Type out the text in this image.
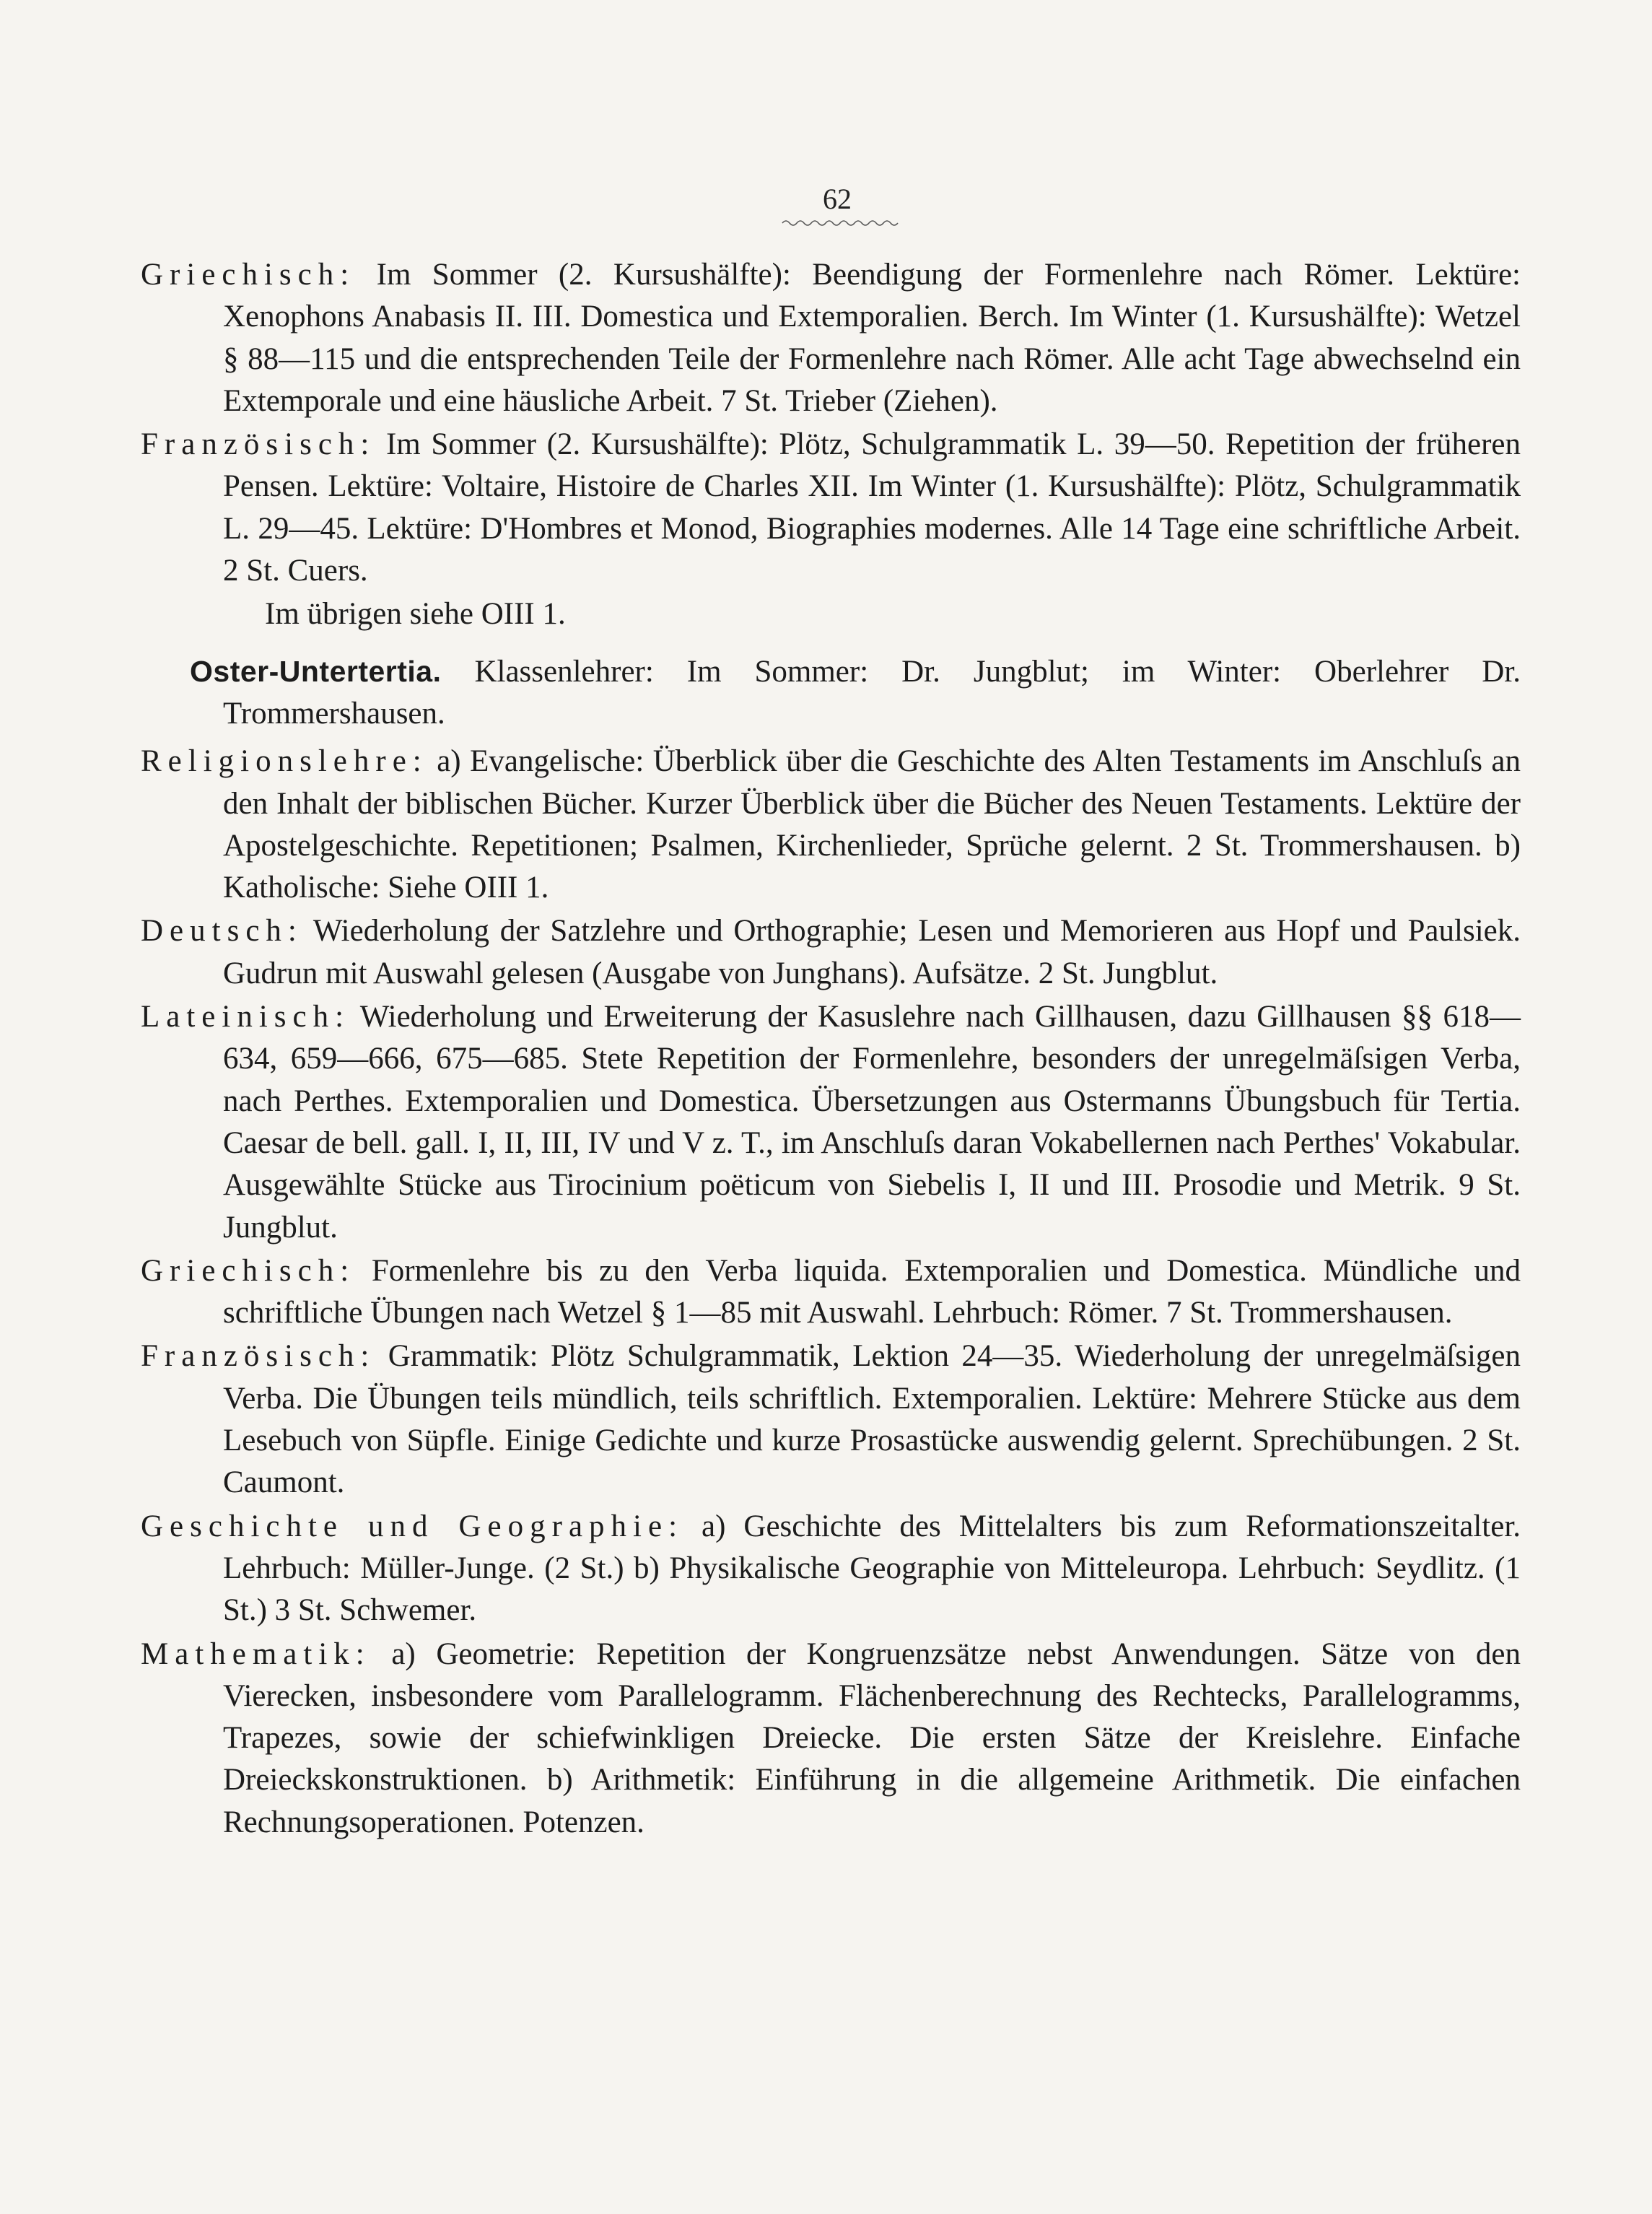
62

Griechisch: Im Sommer (2. Kursushälfte): Beendigung der Formenlehre nach Römer. Lektüre: Xenophons Anabasis II. III. Domestica und Extemporalien. Berch. Im Winter (1. Kursushälfte): Wetzel § 88—115 und die entsprechenden Teile der Formenlehre nach Römer. Alle acht Tage abwechselnd ein Extemporale und eine häusliche Arbeit. 7 St. Trieber (Ziehen).

Französisch: Im Sommer (2. Kursushälfte): Plötz, Schulgrammatik L. 39—50. Repetition der früheren Pensen. Lektüre: Voltaire, Histoire de Charles XII. Im Winter (1. Kursushälfte): Plötz, Schulgrammatik L. 29—45. Lektüre: D'Hombres et Monod, Biographies modernes. Alle 14 Tage eine schriftliche Arbeit. 2 St. Cuers.

Im übrigen siehe OIII 1.

Oster-Untertertia. Klassenlehrer: Im Sommer: Dr. Jungblut; im Winter: Oberlehrer Dr. Trommershausen.

Religionslehre: a) Evangelische: Überblick über die Geschichte des Alten Testaments im Anschluſs an den Inhalt der biblischen Bücher. Kurzer Überblick über die Bücher des Neuen Testaments. Lektüre der Apostelgeschichte. Repetitionen; Psalmen, Kirchenlieder, Sprüche gelernt. 2 St. Trommershausen. b) Katholische: Siehe OIII 1.

Deutsch: Wiederholung der Satzlehre und Orthographie; Lesen und Memorieren aus Hopf und Paulsiek. Gudrun mit Auswahl gelesen (Ausgabe von Junghans). Aufsätze. 2 St. Jungblut.

Lateinisch: Wiederholung und Erweiterung der Kasuslehre nach Gillhausen, dazu Gillhausen §§ 618—634, 659—666, 675—685. Stete Repetition der Formenlehre, besonders der unregelmäſsigen Verba, nach Perthes. Extemporalien und Domestica. Übersetzungen aus Ostermanns Übungsbuch für Tertia. Caesar de bell. gall. I, II, III, IV und V z. T., im Anschluſs daran Vokabellernen nach Perthes' Vokabular. Ausgewählte Stücke aus Tirocinium poëticum von Siebelis I, II und III. Prosodie und Metrik. 9 St. Jungblut.

Griechisch: Formenlehre bis zu den Verba liquida. Extemporalien und Domestica. Mündliche und schriftliche Übungen nach Wetzel § 1—85 mit Auswahl. Lehrbuch: Römer. 7 St. Trommershausen.

Französisch: Grammatik: Plötz Schulgrammatik, Lektion 24—35. Wiederholung der unregelmäſsigen Verba. Die Übungen teils mündlich, teils schriftlich. Extemporalien. Lektüre: Mehrere Stücke aus dem Lesebuch von Süpfle. Einige Gedichte und kurze Prosastücke auswendig gelernt. Sprechübungen. 2 St. Caumont.

Geschichte und Geographie: a) Geschichte des Mittelalters bis zum Reformationszeitalter. Lehrbuch: Müller-Junge. (2 St.) b) Physikalische Geographie von Mitteleuropa. Lehrbuch: Seydlitz. (1 St.) 3 St. Schwemer.

Mathematik: a) Geometrie: Repetition der Kongruenzsätze nebst Anwendungen. Sätze von den Vierecken, insbesondere vom Parallelogramm. Flächenberechnung des Rechtecks, Parallelogramms, Trapezes, sowie der schiefwinkligen Dreiecke. Die ersten Sätze der Kreislehre. Einfache Dreieckskonstruktionen. b) Arithmetik: Einführung in die allgemeine Arithmetik. Die einfachen Rechnungsoperationen. Potenzen.
